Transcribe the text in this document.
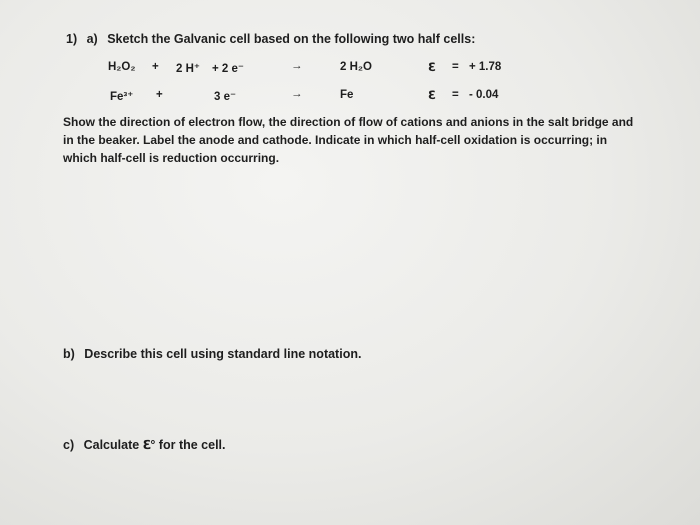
1) a) Sketch the Galvanic cell based on the following two half cells:
H₂O₂ + 2 H⁺ + 2 e⁻	→	2 H₂O	ℇ = + 1.78
Fe³⁺ +	3 e⁻	→	Fe	ℇ = - 0.04
Show the direction of electron flow, the direction of flow of cations and anions in the salt bridge and in the beaker. Label the anode and cathode. Indicate in which half-cell oxidation is occurring; in which half-cell is reduction occurring.
b) Describe this cell using standard line notation.
c) Calculate ℇ° for the cell.
